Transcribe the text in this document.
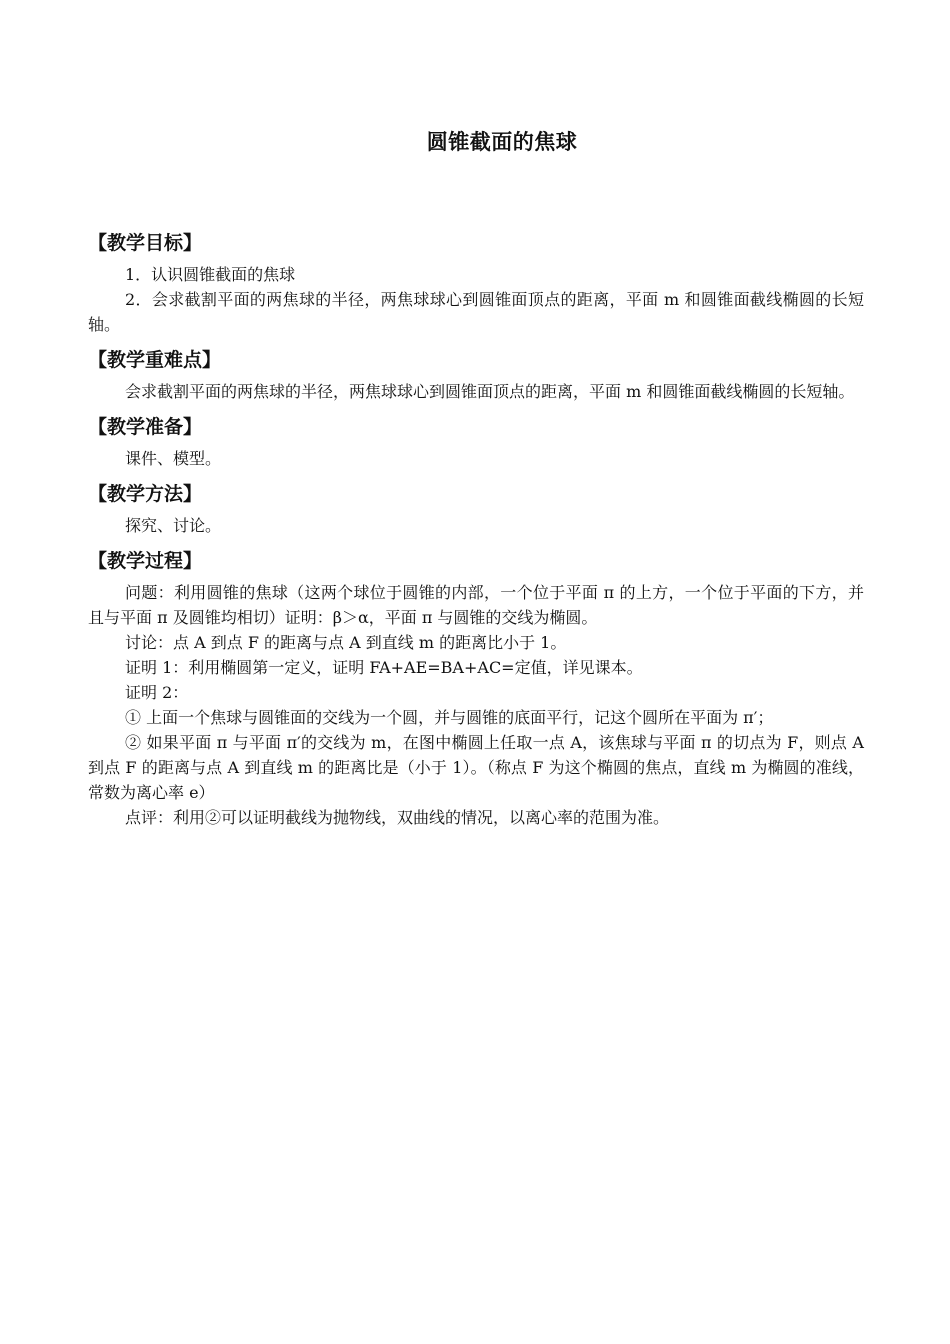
圆锥截面的焦球
【教学目标】

1．认识圆锥截面的焦球

2．会求截割平面的两焦球的半径，两焦球球心到圆锥面顶点的距离，平面 m 和圆锥面截线椭圆的长短轴。

【教学重难点】

会求截割平面的两焦球的半径，两焦球球心到圆锥面顶点的距离，平面 m 和圆锥面截线椭圆的长短轴。

【教学准备】

课件、模型。

【教学方法】

探究、讨论。

【教学过程】

问题：利用圆锥的焦球（这两个球位于圆锥的内部，一个位于平面 π 的上方，一个位于平面的下方，并且与平面 π 及圆锥均相切）证明：β＞α，平面 π 与圆锥的交线为椭圆。

讨论：点 A 到点 F 的距离与点 A 到直线 m 的距离比小于 1。

证明 1：利用椭圆第一定义，证明 FA+AE=BA+AC=定值，详见课本。

证明 2：

① 上面一个焦球与圆锥面的交线为一个圆，并与圆锥的底面平行，记这个圆所在平面为 π′；

② 如果平面 π 与平面 π′的交线为 m，在图中椭圆上任取一点 A，该焦球与平面 π 的切点为 F，则点 A 到点 F 的距离与点 A 到直线 m 的距离比是（小于 1）。（称点 F 为这个椭圆的焦点，直线 m 为椭圆的准线，常数为离心率 e）

点评：利用②可以证明截线为抛物线，双曲线的情况，以离心率的范围为准。
